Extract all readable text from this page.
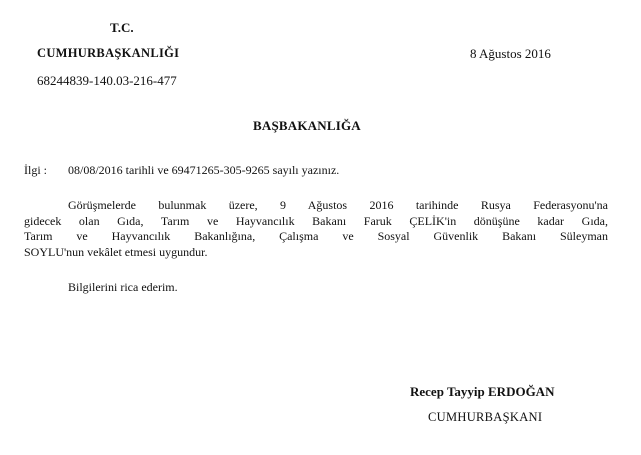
T.C.
CUMHURBAŞKANLIĞI	8 Ağustos 2016
68244839-140.03-216-477
BAŞBAKANLIĞA
İlgi : 08/08/2016 tarihli ve 69471265-305-9265 sayılı yazınız.
Görüşmelerde bulunmak üzere, 9 Ağustos 2016 tarihinde Rusya Federasyonu'na
gidecek olan Gıda, Tarım ve Hayvancılık Bakanı Faruk ÇELİK'in dönüşüne kadar Gıda,
Tarım ve Hayvancılık Bakanlığına, Çalışma ve Sosyal Güvenlik Bakanı Süleyman
SOYLU'nun vekâlet etmesi uygundur.
Bilgilerini rica ederim.
Recep Tayyip ERDOĞAN
CUMHURBAŞKANI
